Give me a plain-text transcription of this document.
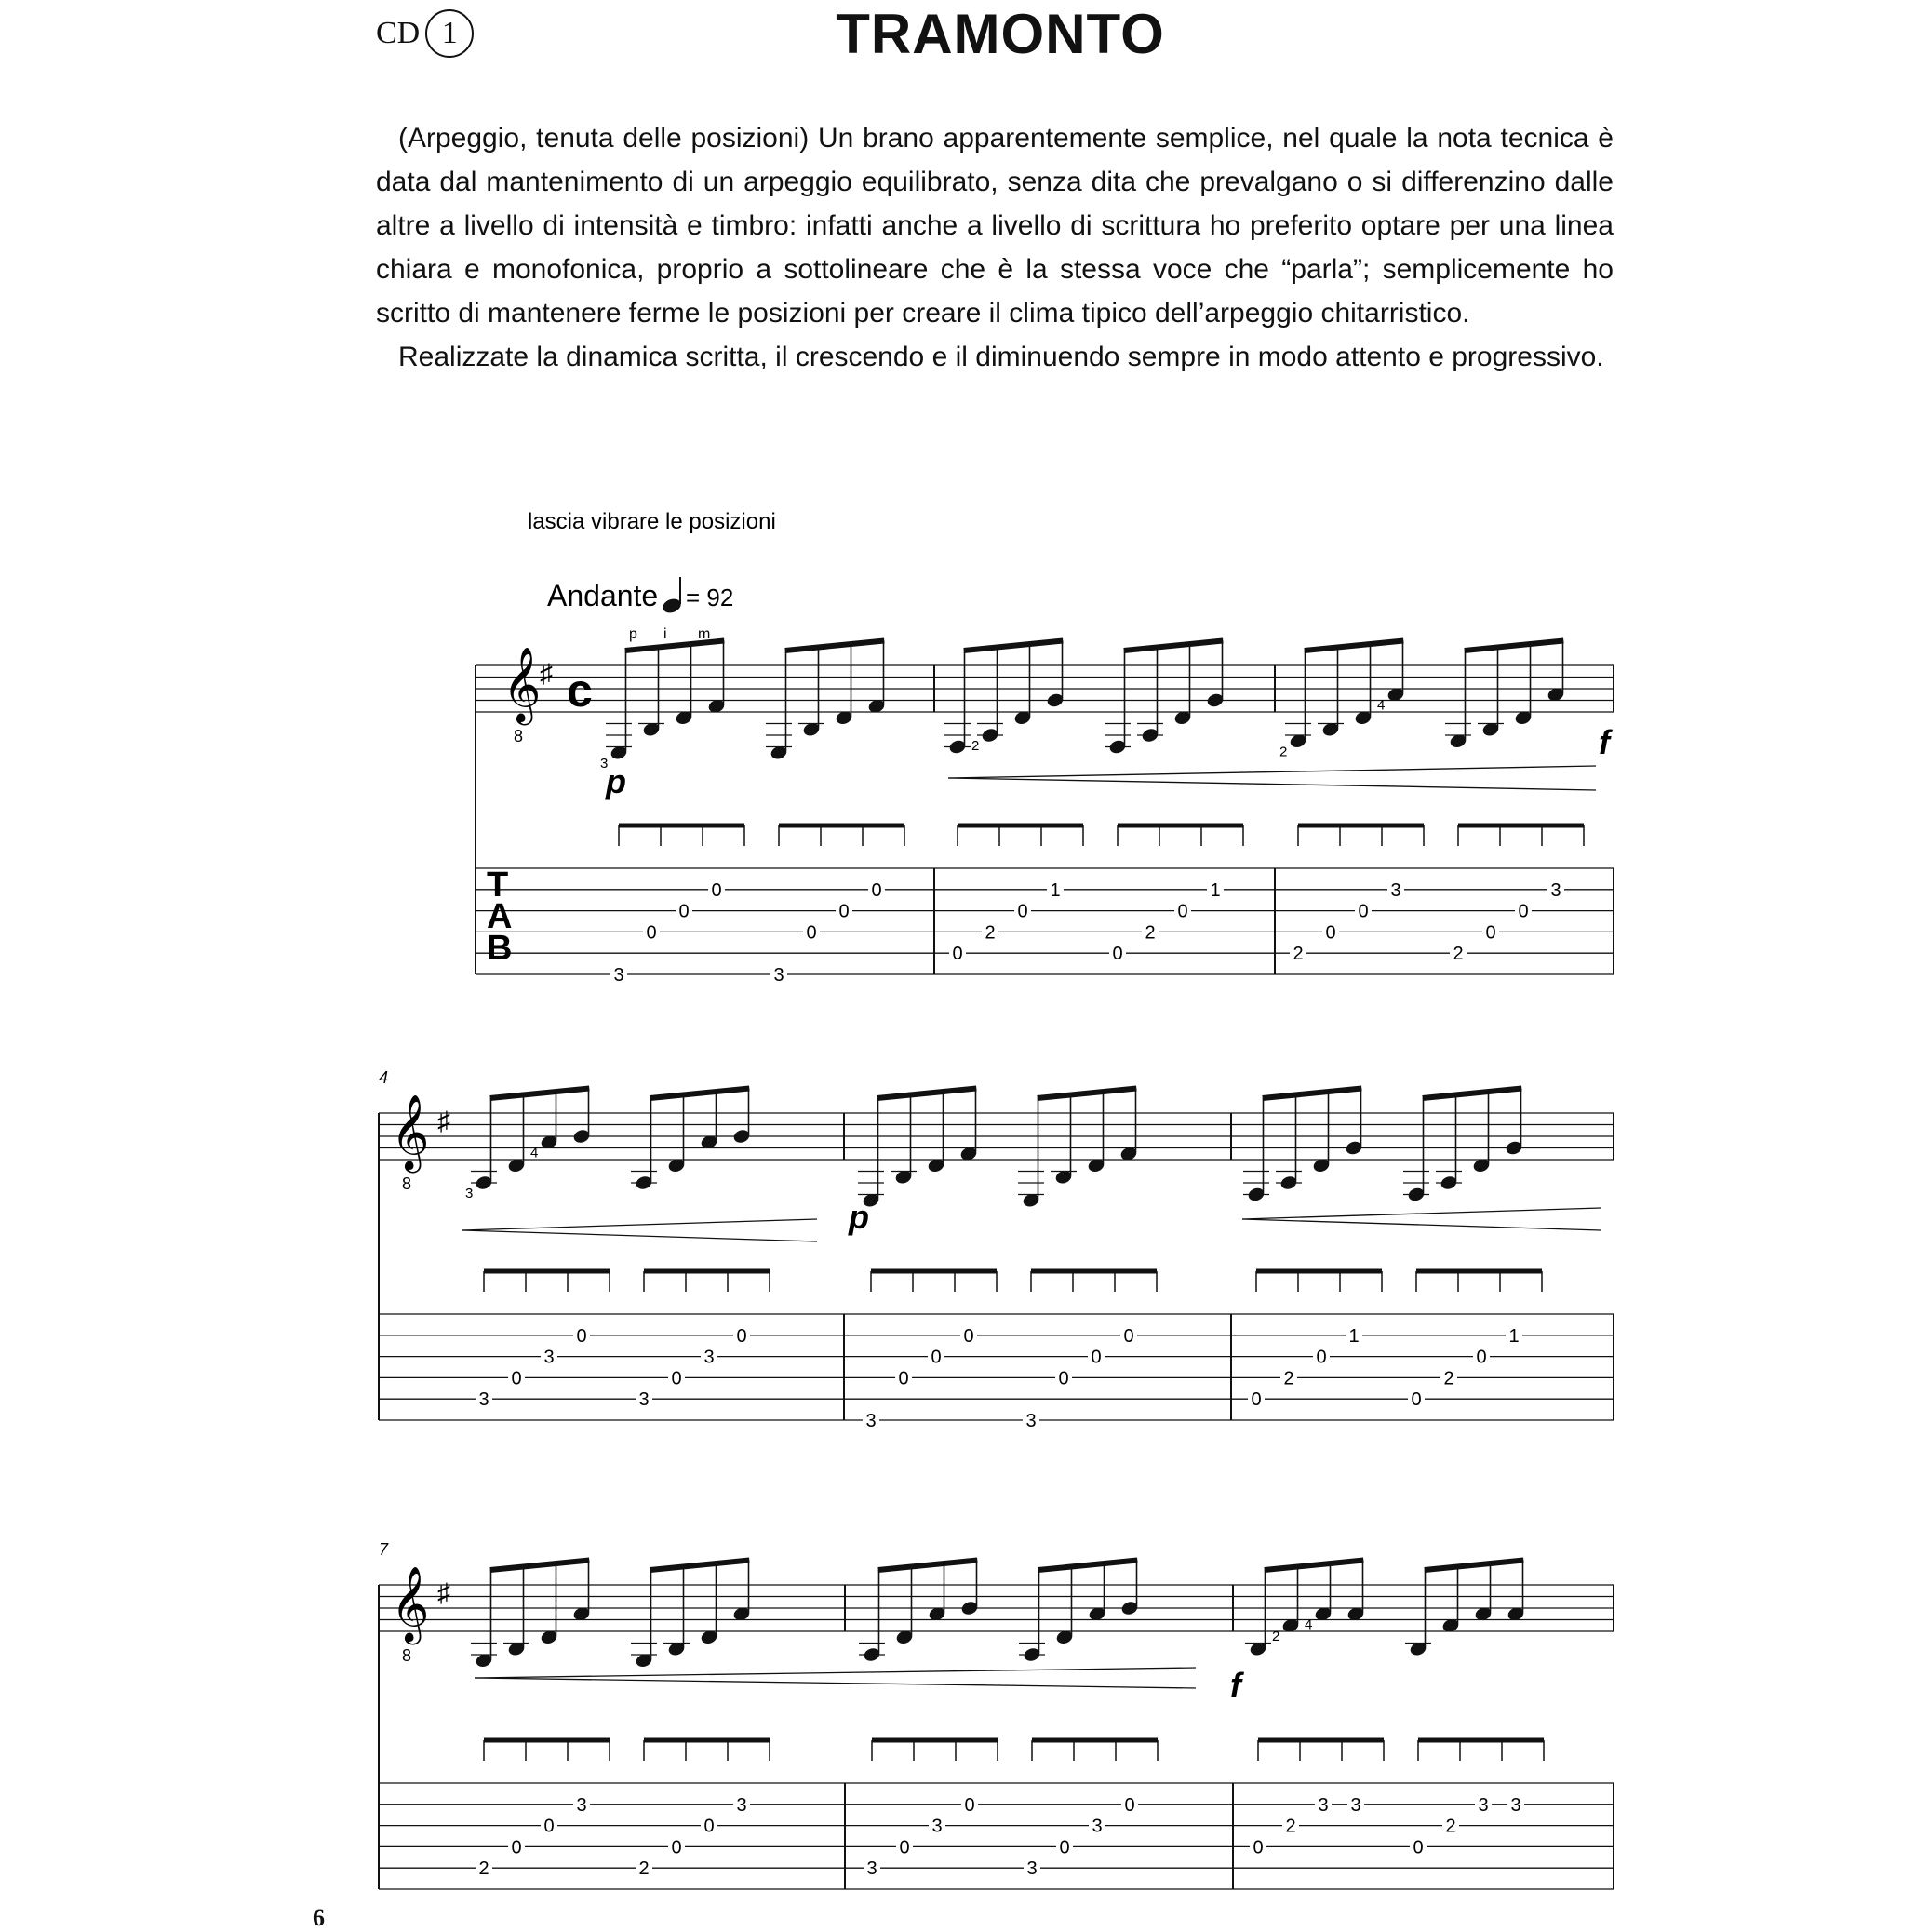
CD 1	TRAMONTO

(Arpeggio, tenuta delle posizioni) Un brano apparentemente semplice, nel quale la nota tecnica è data dal mantenimento di un arpeggio equilibrato, senza dita che prevalgano o si differenzino dalle altre a livello di intensità e timbro: infatti anche a livello di scrittura ho preferito optare per una linea chiara e monofonica, proprio a sottolineare che è la stessa voce che “parla”; semplicemente ho scritto di mantenere ferme le posizioni per creare il clima tipico dell’arpeggio chitarristico.

Realizzate la dinamica scritta, il crescendo e il diminuendo sempre in modo attento e progressivo.

lascia vibrare le posizioni
Andante = 92
𝄞
8
♯ c
T
A
B
3
3
0
0
0
3
0
0
0
0
2
2
0
1
0
2
0
1
2
2
0
0
4
3
2
0
0
3
𝄞
8
♯
4
3
3
0
4
3
0
3
0
3
0
3
0
0
0
3
0
0
0
0
2
0
1
0
2
0
1
𝄞
8
♯
7
2
0
0
3
2
0
0
3
3
0
3
0
3
0
3
0
0
2
2
4
3 3
0
2
3 3
p i m
p
f
p
f
6
